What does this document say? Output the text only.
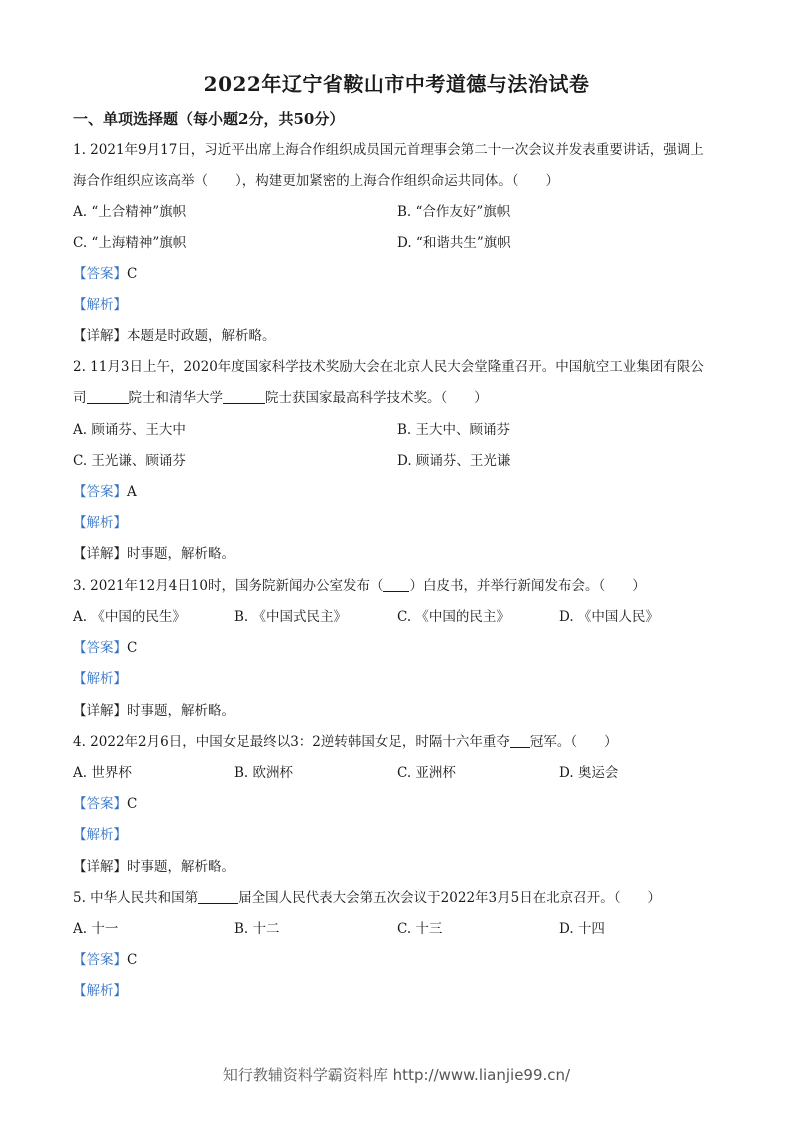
2022年辽宁省鞍山市中考道德与法治试卷
一、单项选择题（每小题2分，共50分）
1. 2021年9月17日，习近平出席上海合作组织成员国元首理事会第二十一次会议并发表重要讲话，强调上
海合作组织应该高举（　　），构建更加紧密的上海合作组织命运共同体。（　　）
A. “上合精神”旗帜	B. “合作友好”旗帜
C. “上海精神”旗帜	D. “和谐共生”旗帜
【答案】C
【解析】
【详解】本题是时政题，解析略。
2. 11月3日上午，2020年度国家科学技术奖励大会在北京人民大会堂隆重召开。中国航空工业集团有限公
司	院士和清华大学	院士获国家最高科学技术奖。（　　）
A. 顾诵芬、王大中	B. 王大中、顾诵芬
C. 王光谦、顾诵芬	D. 顾诵芬、王光谦
【答案】A
【解析】
【详解】时事题，解析略。
3. 2021年12月4日10时，国务院新闻办公室发布（ ）白皮书，并举行新闻发布会。（　　）
A. 《中国的民生》	B. 《中国式民主》	C. 《中国的民主》	D. 《中国人民》
【答案】C
【解析】
【详解】时事题，解析略。
4. 2022年2月6日，中国女足最终以3：2逆转韩国女足，时隔十六年重夺 冠军。（　　）
A. 世界杯	B. 欧洲杯	C. 亚洲杯	D. 奥运会
【答案】C
【解析】
【详解】时事题，解析略。
5. 中华人民共和国第	届全国人民代表大会第五次会议于2022年3月5日在北京召开。（　　）
A. 十一	B. 十二	C. 十三	D. 十四
【答案】C
【解析】
知行教辅资料学霸资料库 http://www.lianjie99.cn/
